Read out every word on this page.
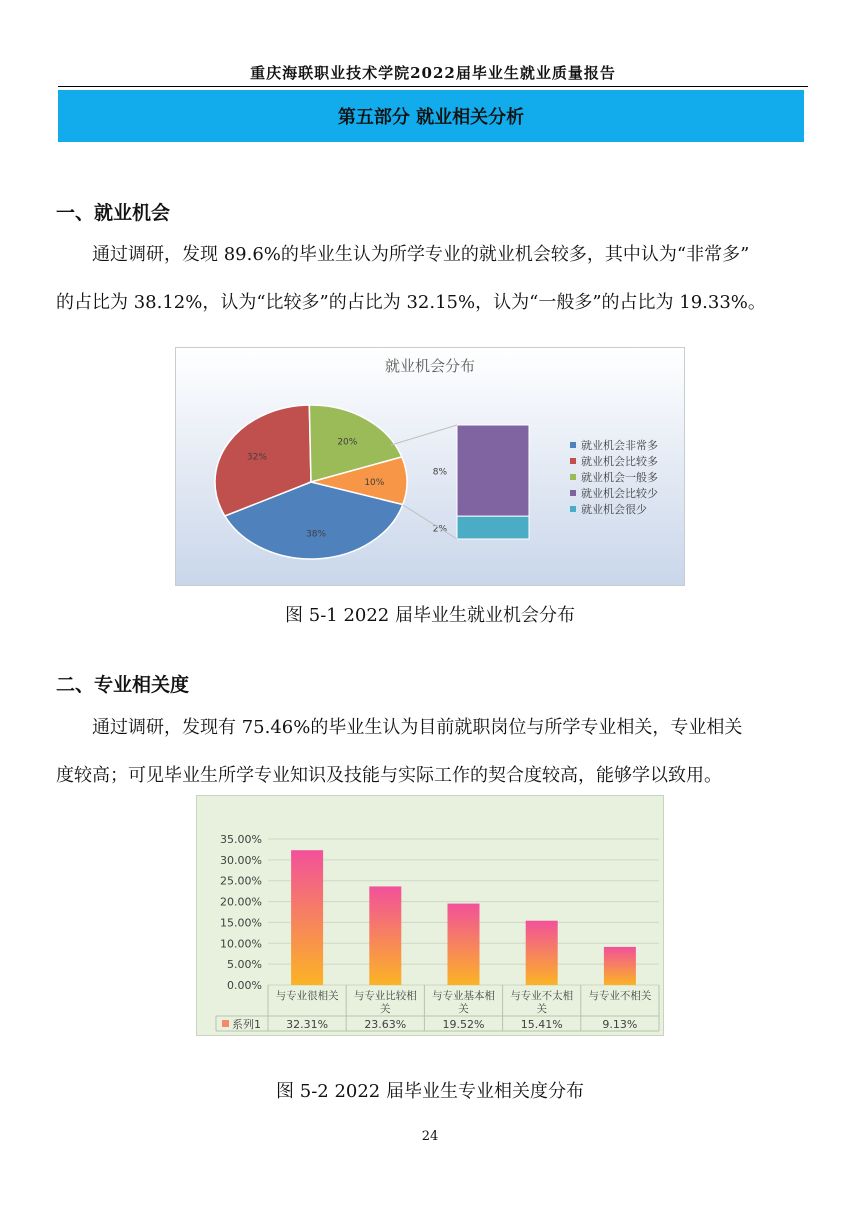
重庆海联职业技术学院2022届毕业生就业质量报告
第五部分 就业相关分析
一、就业机会

通过调研，发现 89.6%的毕业生认为所学专业的就业机会较多，其中认为“非常多”

的占比为 38.12%，认为“比较多”的占比为 32.15%，认为“一般多”的占比为 19.33%。

就业机会分布
38%
32%
20%
10%
8%
2%
就业机会非常多
就业机会比较多
就业机会一般多
就业机会比较少
就业机会很少
图 5-1 2022 届毕业生就业机会分布
二、专业相关度

通过调研，发现有 75.46%的毕业生认为目前就职岗位与所学专业相关，专业相关

度较高；可见毕业生所学专业知识及技能与实际工作的契合度较高，能够学以致用。

0.00%
5.00%
10.00%
15.00%
20.00%
25.00%
30.00%
35.00%
与专业很相关
32.31%
与专业比较相
关
23.63%
与专业基本相
关
19.52%
与专业不太相
关
15.41%
与专业不相关
9.13%
系列1
图 5-2 2022 届毕业生专业相关度分布
24
